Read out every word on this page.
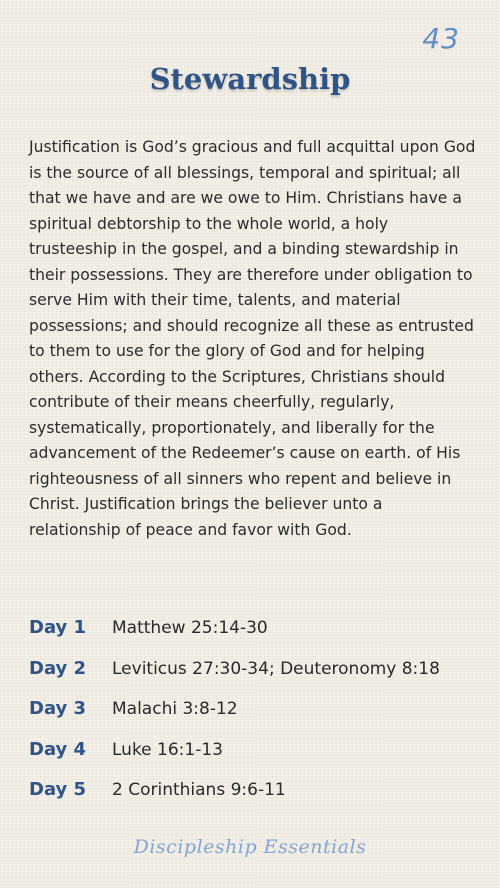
43
Stewardship

Justification is God’s gracious and full acquittal upon God is the source of all blessings, temporal and spiritual; all that we have and are we owe to Him. Christians have a spiritual debtorship to the whole world, a holy trusteeship in the gospel, and a binding stewardship in their possessions. They are therefore under obligation to serve Him with their time, talents, and material possessions; and should recognize all these as entrusted to them to use for the glory of God and for helping others. According to the Scriptures, Christians should contribute of their means cheerfully, regularly, systematically, proportionately, and liberally for the advancement of the Redeemer’s cause on earth. of His righteousness of all sinners who repent and believe in Christ. Justification brings the believer unto a relationship of peace and favor with God.

Day 1	Matthew 25:14-30
Day 2	Leviticus 27:30-34; Deuteronomy 8:18
Day 3	Malachi 3:8-12
Day 4	Luke 16:1-13
Day 5	2 Corinthians 9:6-11
Discipleship Essentials
